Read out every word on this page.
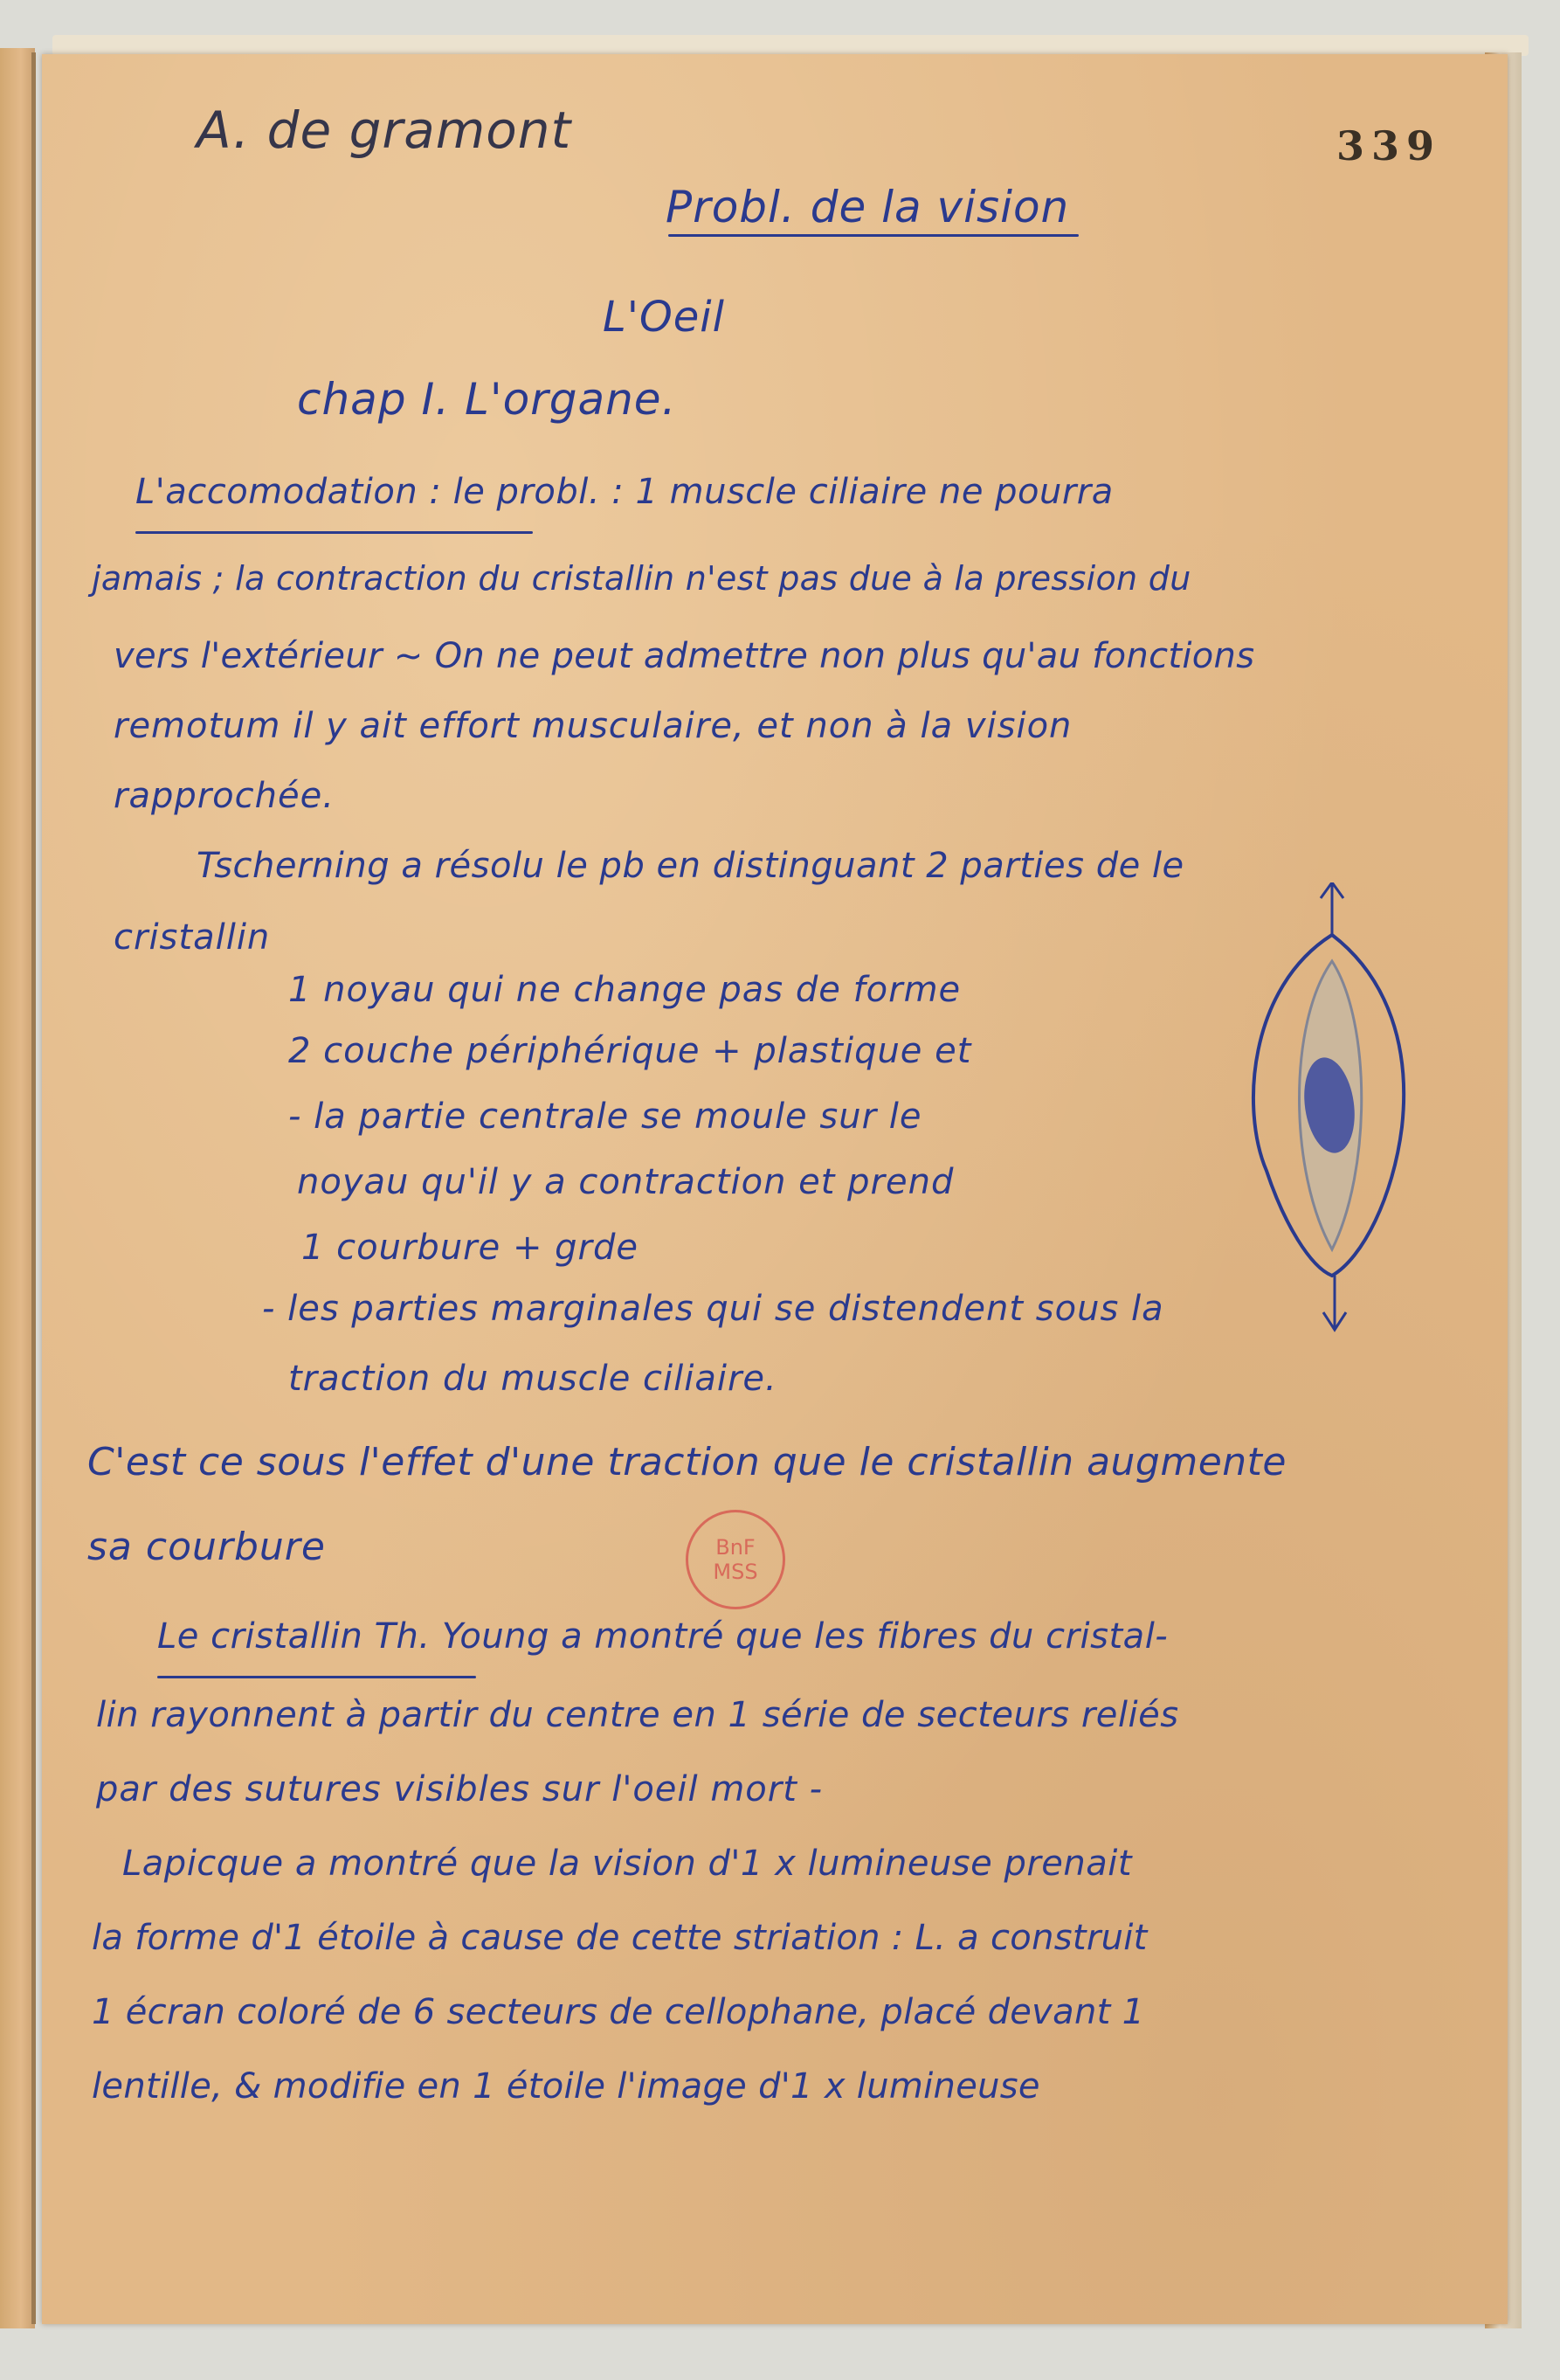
339
A. de gramont
Probl. de la vision
L'Oeil
chap I. L'organe.
L'accomodation : le probl. : 1 muscle ciliaire ne pourra
jamais ; la contraction du cristallin n'est pas due à la pression du
vers l'extérieur ~ On ne peut admettre non plus qu'au fonctions
remotum il y ait effort musculaire, et non à la vision
rapprochée.
Tscherning a résolu le pb en distinguant 2 parties de le
cristallin
1 noyau qui ne change pas de forme
2 couche périphérique + plastique et
- la partie centrale se moule sur le
noyau qu'il y a contraction et prend
1 courbure + grde
- les parties marginales qui se distendent sous la
traction du muscle ciliaire.
C'est ce sous l'effet d'une traction que le cristallin augmente
sa courbure
Le cristallin Th. Young a montré que les fibres du cristal-
lin rayonnent à partir du centre en 1 série de secteurs reliés
par des sutures visibles sur l'oeil mort -
Lapicque a montré que la vision d'1 x lumineuse prenait
la forme d'1 étoile à cause de cette striation : L. a construit
1 écran coloré de 6 secteurs de cellophane, placé devant 1
lentille, & modifie en 1 étoile l'image d'1 x lumineuse
BnF
MSS
